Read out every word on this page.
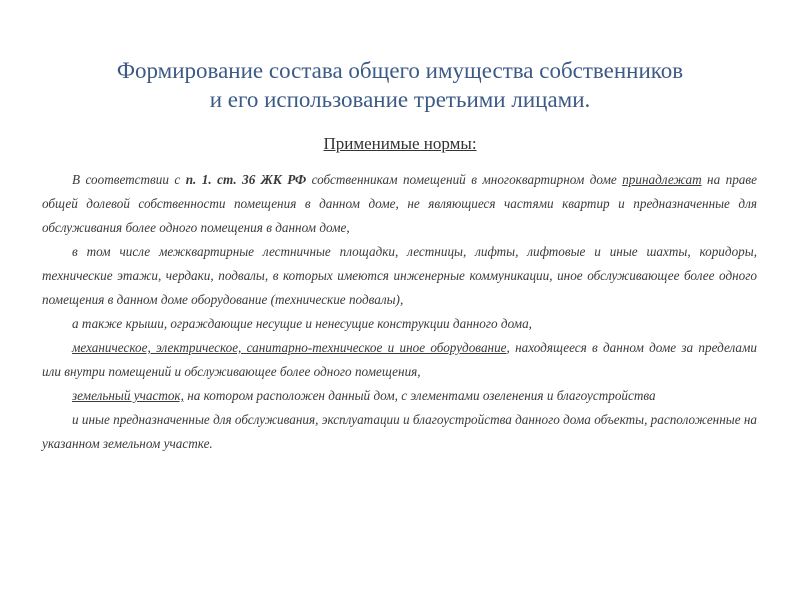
Формирование состава общего имущества собственников
и его использование третьими лицами.
Применимые нормы:

В соответствии с п. 1. ст. 36 ЖК РФ собственникам помещений в многоквартирном доме принадлежат на праве общей долевой собственности помещения в данном доме, не являющиеся частями квартир и предназначенные для обслуживания более одного помещения в данном доме,

в том числе межквартирные лестничные площадки, лестницы, лифты, лифтовые и иные шахты, коридоры, технические этажи, чердаки, подвалы, в которых имеются инженерные коммуникации, иное обслуживающее более одного помещения в данном доме оборудование (технические подвалы),

а также крыши, ограждающие несущие и ненесущие конструкции данного дома,

механическое, электрическое, санитарно-техническое и иное оборудование, находящееся в данном доме за пределами или внутри помещений и обслуживающее более одного помещения,

земельный участок, на котором расположен данный дом, с элементами озеленения и благоустройства

и иные предназначенные для обслуживания, эксплуатации и благоустройства данного дома объекты, расположенные на указанном земельном участке.
